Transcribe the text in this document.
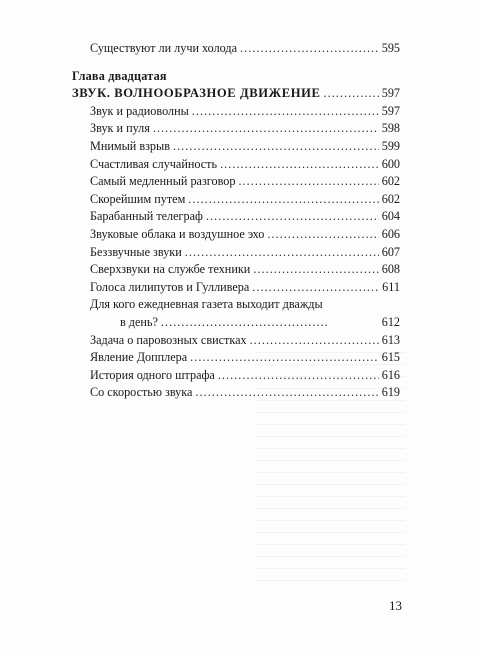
Существуют ли лучи холода . . .	595
Глава двадцатая
ЗВУК. ВОЛНООБРАЗНОЕ ДВИЖЕНИЕ . . .	597
Звук и радиоволны . . .	597
Звук и пуля . . .	598
Мнимый взрыв . . .	599
Счастливая случайность . . .	600
Самый медленный разговор . . .	602
Скорейшим путем . . .	602
Барабанный телеграф . . .	604
Звуковые облака и воздушное эхо . . .	606
Беззвучные звуки . . .	607
Сверхзвуки на службе техники . . .	608
Голоса лилипутов и Гулливера . . .	611
Для кого ежедневная газета выходит дважды
в день? . . .	612
Задача о паровозных свистках . . .	613
Явление Допплера . . .	615
История одного штрафа . . .	616
Со скоростью звука . . .	619
13
